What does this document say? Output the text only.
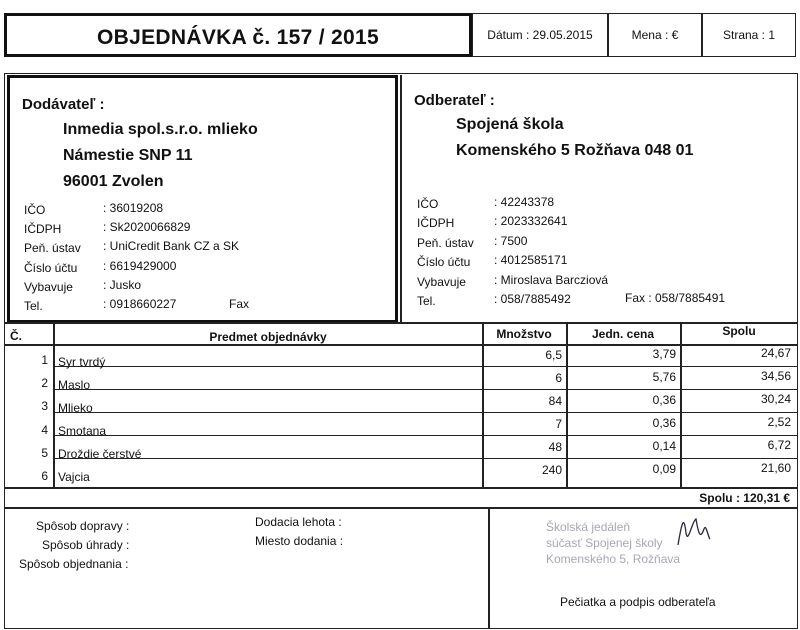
OBJEDNÁVKA č. 157 / 2015	Dátum : 29.05.2015	Mena : €	Strana : 1
Dodávateľ :
Inmedia spol.s.r.o. mlieko
Námestie SNP 11
96001 Zvolen
IČO	: 36019208
IČDPH	: Sk2020066829
Peň. ústav : UniCredit Bank CZ a SK
Číslo účtu : 6619429000
Vybavuje	: Jusko
Tel.	: 0918660227	Fax
Odberateľ :
Spojená škola
Komenského 5 Rožňava 048 01
IČO	: 42243378
IČDPH	: 2023332641
Peň. ústav : 7500
Číslo účtu : 4012585171
Vybavuje : Miroslava Barcziová
Tel.	: 058/7885492	Fax : 058/7885491
Č.	Predmet objednávky	Množstvo	Jedn. cena	Spolu
1 Syr tvrdý	6,5	3,79	24,67
2 Maslo	6	5,76	34,56
3 Mlieko	84	0,36	30,24
4 Smotana	7	0,36	2,52
5 Droždie čerstvé	48	0,14	6,72
6 Vajcia	240	0,09	21,60
Spolu : 120,31 €
Spôsob dopravy :
Spôsob úhrady :
Spôsob objednania :
Dodacia lehota :
Miesto dodania :
Školská jedáleň
súčasť Spojenej školy
Komenského 5, Rožňava
Pečiatka a podpis odberateľa
